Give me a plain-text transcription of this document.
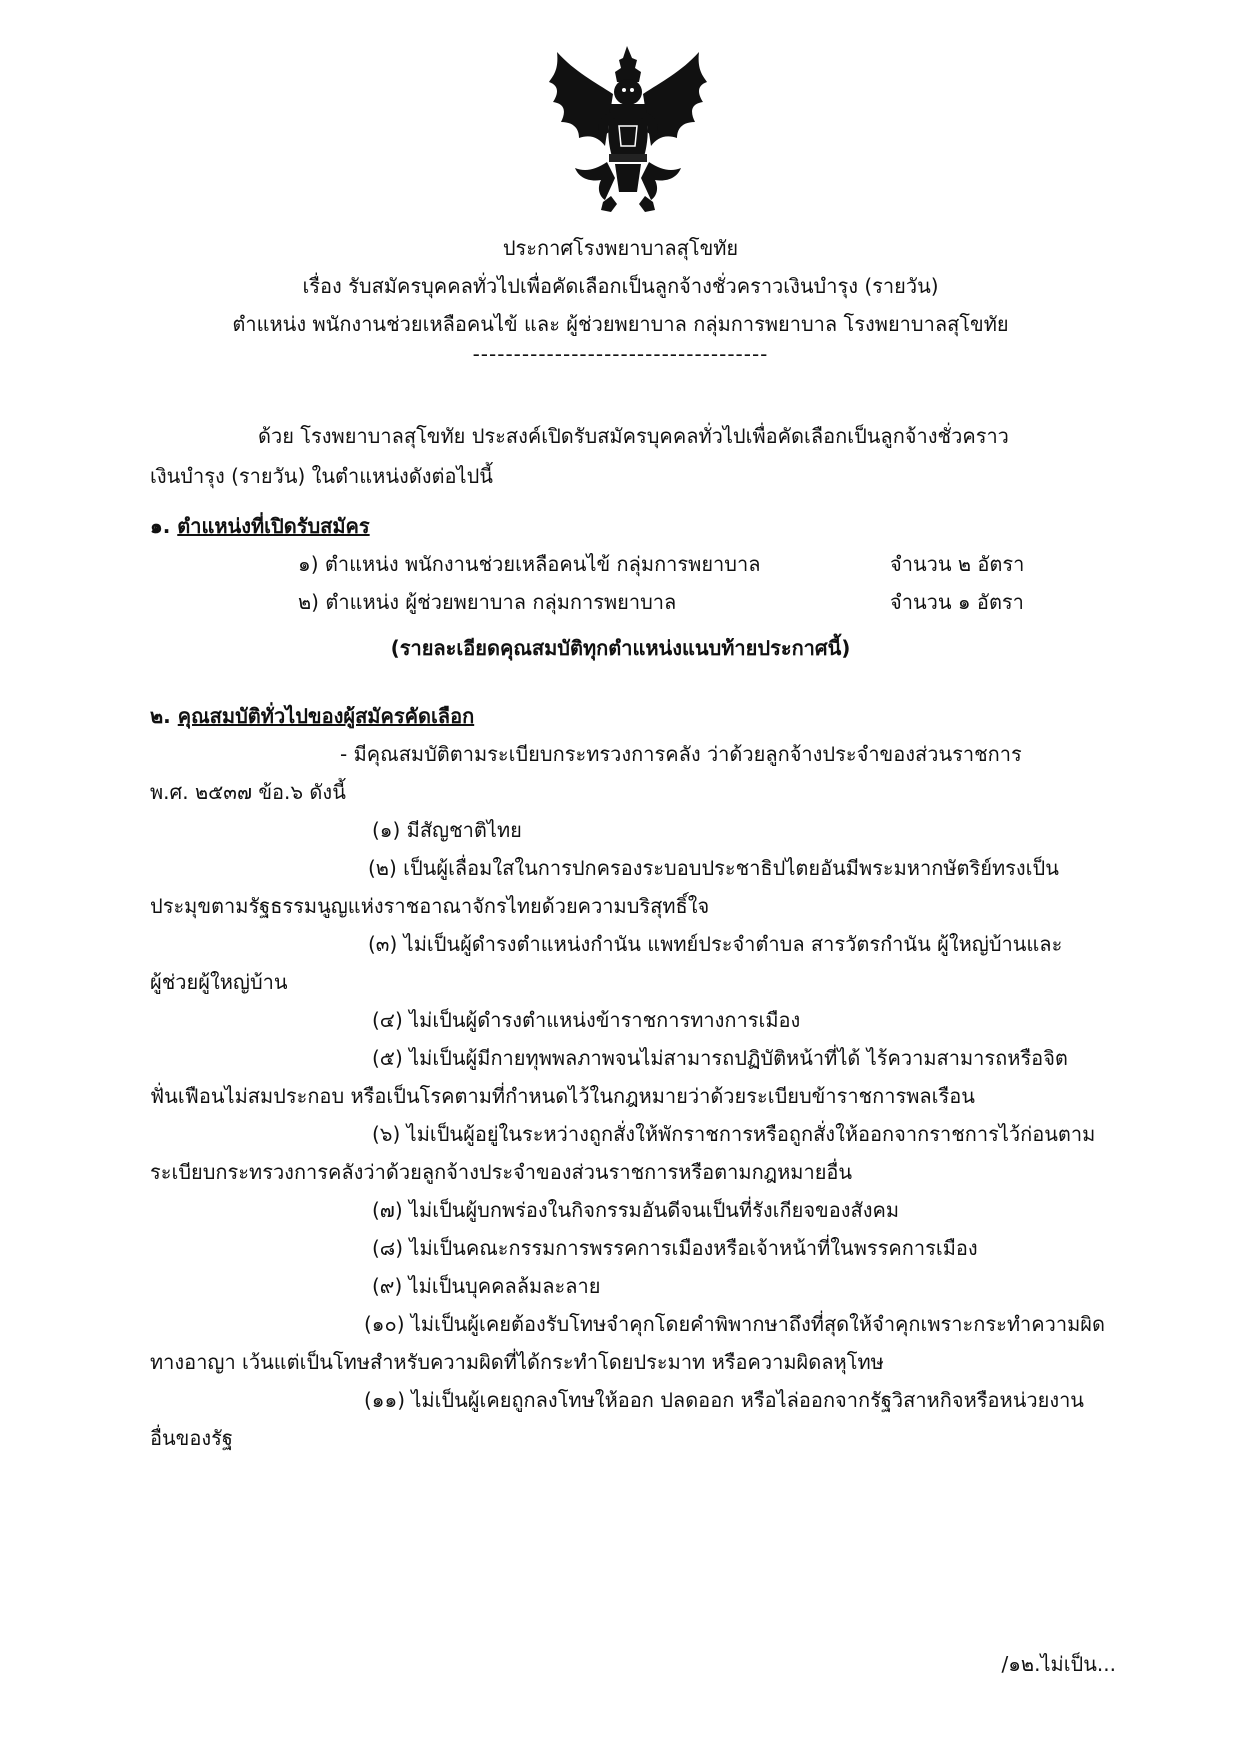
ประกาศโรงพยาบาลสุโขทัย
เรื่อง รับสมัครบุคคลทั่วไปเพื่อคัดเลือกเป็นลูกจ้างชั่วคราวเงินบำรุง (รายวัน)
ตำแหน่ง พนักงานช่วยเหลือคนไข้ และ ผู้ช่วยพยาบาล กลุ่มการพยาบาล โรงพยาบาลสุโขทัย
------------------------------------
ด้วย โรงพยาบาลสุโขทัย ประสงค์เปิดรับสมัครบุคคลทั่วไปเพื่อคัดเลือกเป็นลูกจ้างชั่วคราว
เงินบำรุง (รายวัน) ในตำแหน่งดังต่อไปนี้
๑. ตำแหน่งที่เปิดรับสมัคร
๑) ตำแหน่ง พนักงานช่วยเหลือคนไข้ กลุ่มการพยาบาล	จำนวน ๒ อัตรา
๒) ตำแหน่ง ผู้ช่วยพยาบาล กลุ่มการพยาบาล	จำนวน ๑ อัตรา
(รายละเอียดคุณสมบัติทุกตำแหน่งแนบท้ายประกาศนี้)
๒. คุณสมบัติทั่วไปของผู้สมัครคัดเลือก
- มีคุณสมบัติตามระเบียบกระทรวงการคลัง ว่าด้วยลูกจ้างประจำของส่วนราชการ
พ.ศ. ๒๕๓๗ ข้อ.๖ ดังนี้
(๑) มีสัญชาติไทย
(๒) เป็นผู้เลื่อมใสในการปกครองระบอบประชาธิปไตยอันมีพระมหากษัตริย์ทรงเป็น
ประมุขตามรัฐธรรมนูญแห่งราชอาณาจักรไทยด้วยความบริสุทธิ์ใจ
(๓) ไม่เป็นผู้ดำรงตำแหน่งกำนัน แพทย์ประจำตำบล สารวัตรกำนัน ผู้ใหญ่บ้านและ
ผู้ช่วยผู้ใหญ่บ้าน
(๔) ไม่เป็นผู้ดำรงตำแหน่งข้าราชการทางการเมือง
(๕) ไม่เป็นผู้มีกายทุพพลภาพจนไม่สามารถปฏิบัติหน้าที่ได้ ไร้ความสามารถหรือจิต
ฟั่นเฟือนไม่สมประกอบ หรือเป็นโรคตามที่กำหนดไว้ในกฎหมายว่าด้วยระเบียบข้าราชการพลเรือน
(๖) ไม่เป็นผู้อยู่ในระหว่างถูกสั่งให้พักราชการหรือถูกสั่งให้ออกจากราชการไว้ก่อนตาม
ระเบียบกระทรวงการคลังว่าด้วยลูกจ้างประจำของส่วนราชการหรือตามกฎหมายอื่น
(๗) ไม่เป็นผู้บกพร่องในกิจกรรมอันดีจนเป็นที่รังเกียจของสังคม
(๘) ไม่เป็นคณะกรรมการพรรคการเมืองหรือเจ้าหน้าที่ในพรรคการเมือง
(๙) ไม่เป็นบุคคลล้มละลาย
(๑๐) ไม่เป็นผู้เคยต้องรับโทษจำคุกโดยคำพิพากษาถึงที่สุดให้จำคุกเพราะกระทำความผิด
ทางอาญา เว้นแต่เป็นโทษสำหรับความผิดที่ได้กระทำโดยประมาท หรือความผิดลหุโทษ
(๑๑) ไม่เป็นผู้เคยถูกลงโทษให้ออก ปลดออก หรือไล่ออกจากรัฐวิสาหกิจหรือหน่วยงาน
อื่นของรัฐ
/๑๒.ไม่เป็น...
